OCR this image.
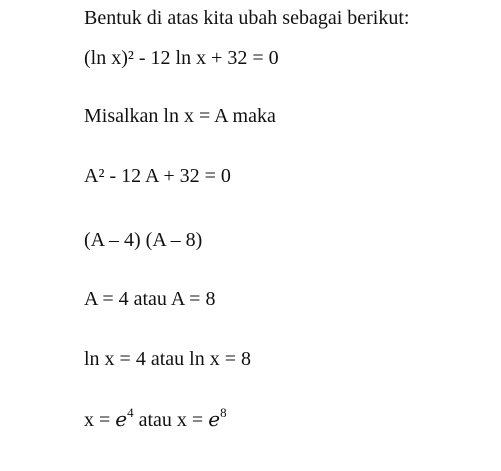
Bentuk di atas kita ubah sebagai berikut:
(ln x)² - 12 ln x + 32 = 0
Misalkan ln x = A maka
A² - 12 A + 32 = 0
(A – 4) (A – 8)
A = 4 atau A = 8
ln x = 4 atau ln x = 8
$x = e^4$ atau $x = e^8$
